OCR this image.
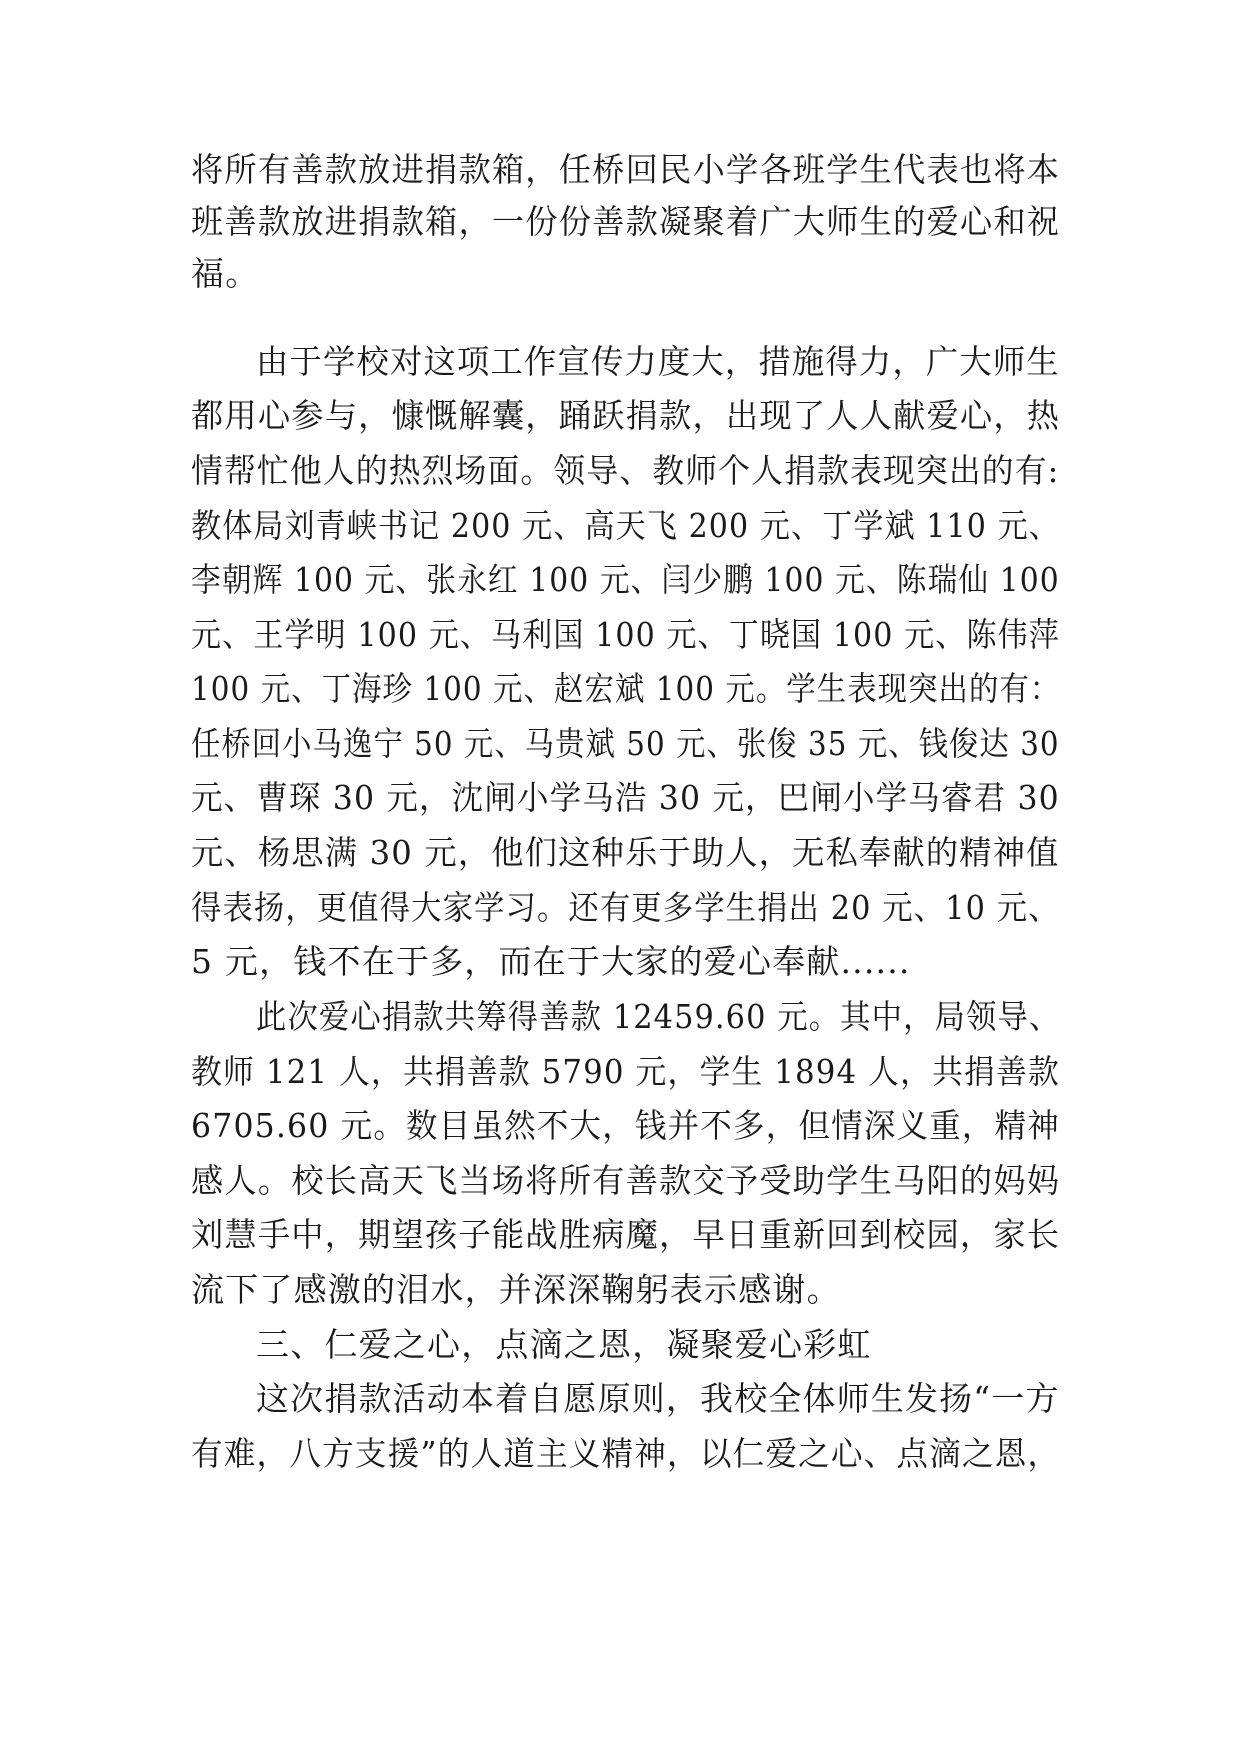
将所有善款放进捐款箱，任桥回民小学各班学生代表也将本
班善款放进捐款箱，一份份善款凝聚着广大师生的爱心和祝
福。
由于学校对这项工作宣传力度大，措施得力，广大师生
都用心参与，慷慨解囊，踊跃捐款，出现了人人献爱心，热
情帮忙他人的热烈场面。领导、教师个人捐款表现突出的有:
教体局刘青峡书记 200 元、高天飞 200 元、丁学斌 110 元、
李朝辉 100 元、张永红 100 元、闫少鹏 100 元、陈瑞仙 100
元、王学明 100 元、马利国 100 元、丁晓国 100 元、陈伟萍
100 元、丁海珍 100 元、赵宏斌 100 元。学生表现突出的有：
任桥回小马逸宁 50 元、马贵斌 50 元、张俊 35 元、钱俊达 30
元、曹琛 30 元，沈闸小学马浩 30 元，巴闸小学马睿君 30
元、杨思满 30 元，他们这种乐于助人，无私奉献的精神值
得表扬，更值得大家学习。还有更多学生捐出 20 元、10 元、
5 元，钱不在于多，而在于大家的爱心奉献......
此次爱心捐款共筹得善款 12459.60 元。其中，局领导、
教师 121 人，共捐善款 5790 元，学生 1894 人，共捐善款
6705.60 元。数目虽然不大，钱并不多，但情深义重，精神
感人。校长高天飞当场将所有善款交予受助学生马阳的妈妈
刘慧手中，期望孩子能战胜病魔，早日重新回到校园，家长
流下了感激的泪水，并深深鞠躬表示感谢。
三、仁爱之心，点滴之恩，凝聚爱心彩虹
这次捐款活动本着自愿原则，我校全体师生发扬“一方
有难，八方支援”的人道主义精神，以仁爱之心、点滴之恩，
